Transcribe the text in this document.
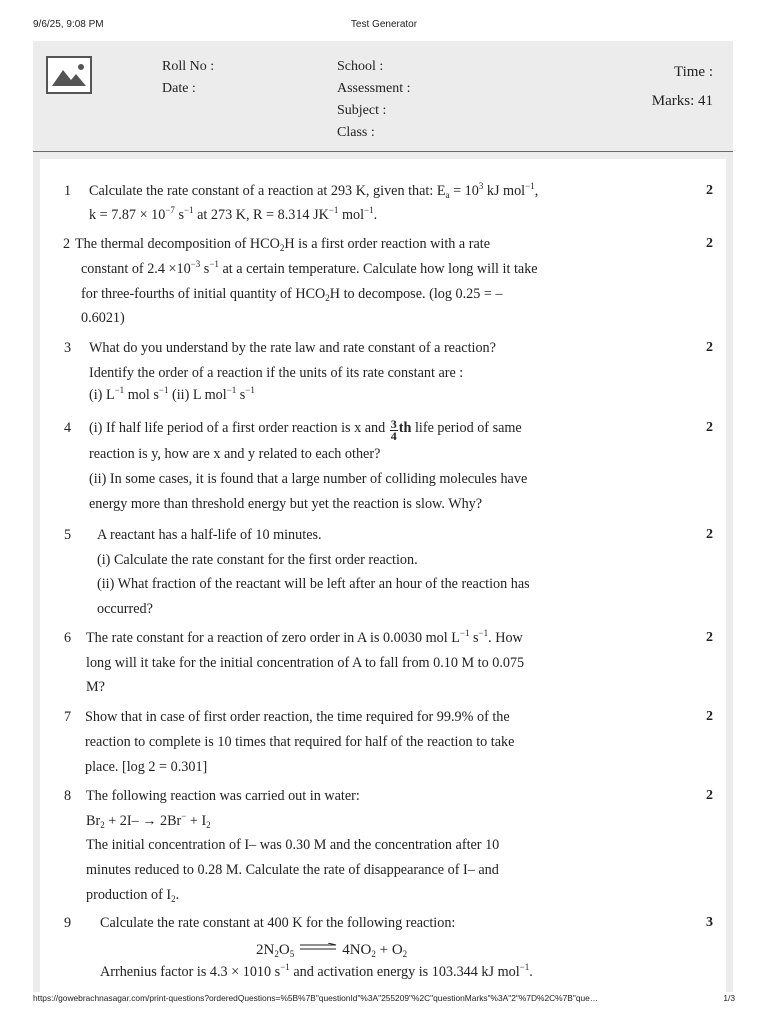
9/6/25, 9:08 PM	Test Generator
Roll No :
Date :
School :
Assessment :
Subject :
Class :
Time :
Marks: 41
1	2
Calculate the rate constant of a reaction at 293 K, given that: $E_a = 10^3$ kJ mol$^{-1}$,
$k = 7.87 \times 10^{-7}$ $s^{-1}$ at 273 K, R = 8.314 $JK^{-1}$ mol$^{-1}$.
2	2
The thermal decomposition of $HCO_2H$ is a first order reaction with a rate
constant of $2.4 \times 10^{-3}$ $s^{-1}$ at a certain temperature. Calculate how long will it take
for three-fourths of initial quantity of $HCO_2H$ to decompose. (log 0.25 = –
0.6021)
3	2
What do you understand by the rate law and rate constant of a reaction?
Identify the order of a reaction if the units of its rate constant are :
(i) $L^{-1}$ mol $s^{-1}$ (ii) L mol$^{-1}$ $s^{-1}$
4	2
(i) If half life period of a first order reaction is x and $\frac{3}{4}$ th life period of same
reaction is y, how are x and y related to each other?
(ii) In some cases, it is found that a large number of colliding molecules have
energy more than threshold energy but yet the reaction is slow. Why?
5	2
A reactant has a half-life of 10 minutes.
(i) Calculate the rate constant for the first order reaction.
(ii) What fraction of the reactant will be left after an hour of the reaction has
occurred?
6	2
The rate constant for a reaction of zero order in A is 0.0030 mol $L^{-1}$ $s^{-1}$. How
long will it take for the initial concentration of A to fall from 0.10 M to 0.075
M?
7	2
Show that in case of first order reaction, the time required for 99.9% of the
reaction to complete is 10 times that required for half of the reaction to take
place. [log 2 = 0.301]
8	2
The following reaction was carried out in water:
$Br_2 + 2I- \to 2Br^- + I_2$
The initial concentration of I– was 0.30 M and the concentration after 10
minutes reduced to 0.28 M. Calculate the rate of disappearance of I– and
production of $I_2$.
9	3
Calculate the rate constant at 400 K for the following reaction:
$2N_2O_5$	$4NO_2 + O_2$
Arrhenius factor is 4.3 × 1010 $s^{-1}$ and activation energy is 103.344 kJ mol$^{-1}$.
https://gowebrachnasagar.com/print-questions?orderedQuestions=%5B%7B"questionId"%3A"255209"%2C"questionMarks"%3A"2"%7D%2C%7B"que…	1/3
